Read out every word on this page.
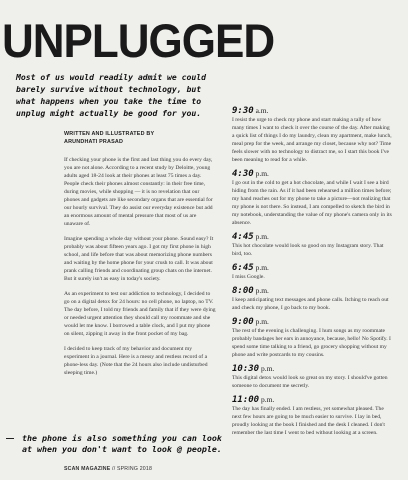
UNPLUGGED
Most of us would readily admit we could barely survive without technology, but what happens when you take the time to unplug might actually be good for you.
WRITTEN AND ILLUSTRATED BY
ARUNDHATI PRASAD

If checking your phone is the first and last thing you do every day, you are not alone. According to a recent study by Deloitte, young adults aged 18-24 look at their phones at least 75 times a day. People check their phones almost constantly: in their free time, during movies, while shopping — it is no revelation that our phones and gadgets are like secondary organs that are essential for our hourly survival. They do assist our everyday existence but add an enormous amount of mental pressure that most of us are unaware of.

Imagine spending a whole day without your phone. Sound easy? It probably was about fifteen years ago. I got my first phone in high school, and life before that was about memorizing phone numbers and waiting by the home phone for your crush to call. It was about prank calling friends and coordinating group chats on the internet. But it surely isn't as easy in today's society.

As an experiment to test our addiction to technology, I decided to go on a digital detox for 24 hours: no cell phone, no laptop, no TV. The day before, I told my friends and family that if they were dying or needed urgent attention they should call my roommate and she would let me know. I borrowed a table clock, and I put my phone on silent, zipping it away in the front pocket of my bag.

I decided to keep track of my behavior and document my experiment in a journal. Here is a messy and restless record of a phone-less day. (Note that the 24 hours also include undisturbed sleeping time.)

9:30 a.m.

I resist the urge to check my phone and start making a tally of how many times I want to check it over the course of the day. After making a quick list of things I do my laundry, clean my apartment, make lunch, meal prep for the week, and arrange my closet, because why not? Time feels slower with no technology to distract me, so I start this book I've been meaning to read for a while.

4:30 p.m.

I go out in the cold to get a hot chocolate, and while I wait I see a bird hiding from the rain. As if it had been rehearsed a million times before; my hand reaches out for my phone to take a picture—not realizing that my phone is not there. So instead, I am compelled to sketch the bird in my notebook, understanding the value of my phone's camera only in its absence.

4:45 p.m.

This hot chocolate would look so good on my Instagram story. That bird, too.

6:45 p.m.

I miss Google.

8:00 p.m.

I keep anticipating text messages and phone calls. Itching to reach out and check my phone, I go back to my book.

9:00 p.m.

The rest of the evening is challenging. I hum songs as my roommate probably bandages her ears in annoyance, because, hello! No Spotify. I spend some time talking to a friend, go grocery shopping without my phone and write postcards to my cousins.

10:30 p.m.

This digital detox would look so great on my story. I should've gotten someone to document me secretly.

11:00 p.m.

The day has finally ended. I am restless, yet somewhat pleased. The next few hours are going to be much easier to survive. I lay in bed, proudly looking at the book I finished and the desk I cleaned. I don't remember the last time I went to bed without looking at a screen.

the phone is also something you can look at when you don't want to look @ people.
SCAN MAGAZINE // SPRING 2018
